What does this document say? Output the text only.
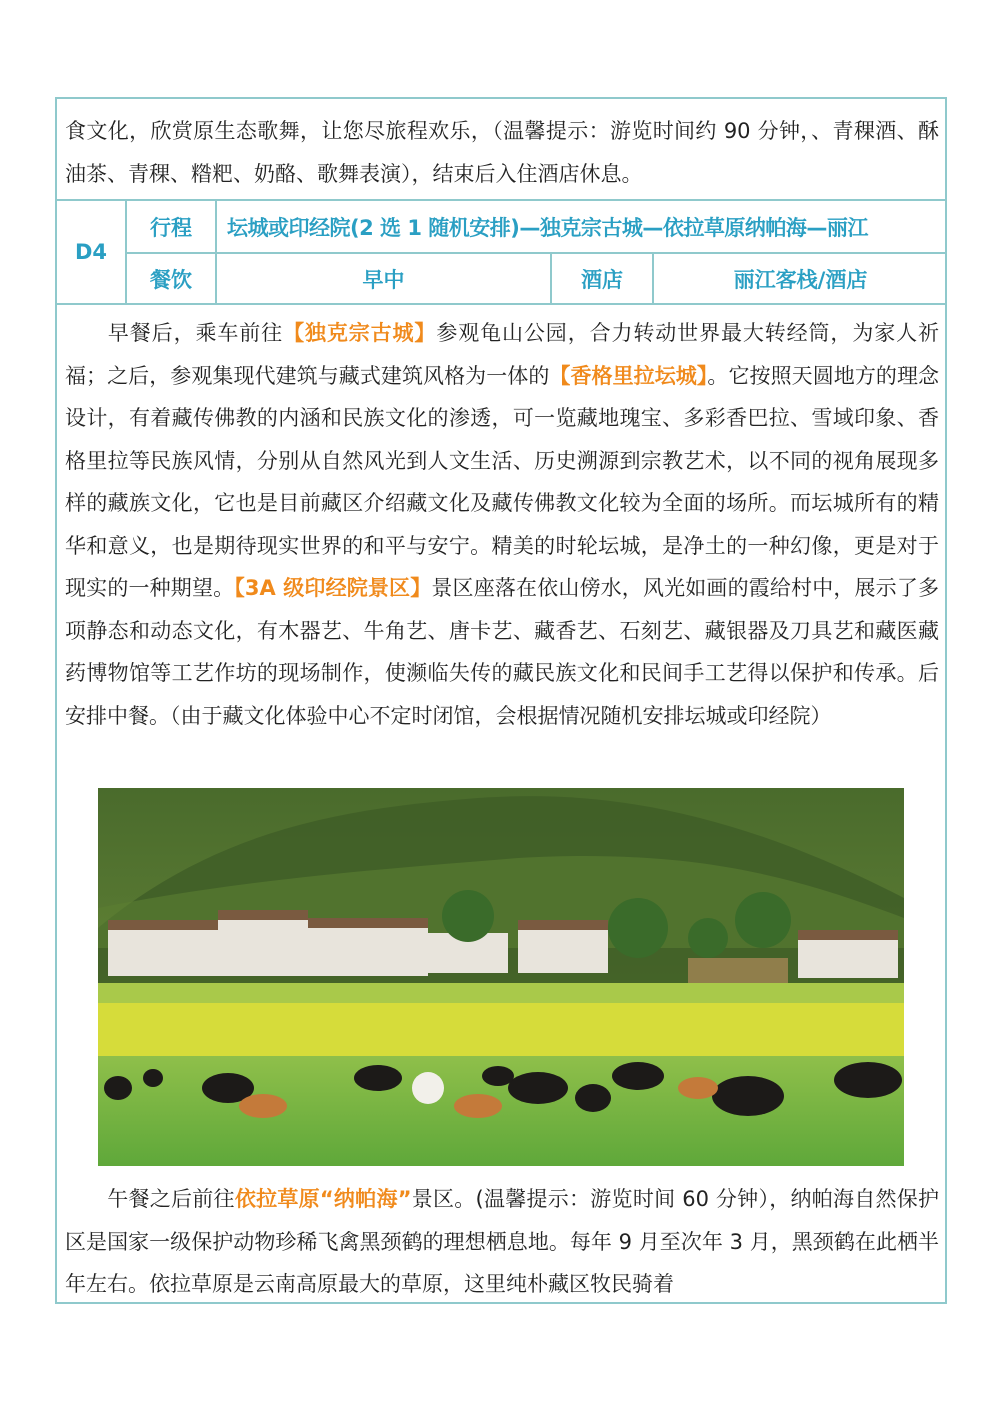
食文化，欣赏原生态歌舞，让您尽旅程欢乐，（温馨提示：游览时间约 90 分钟，、青稞酒、酥油茶、青稞、糌粑、奶酪、歌舞表演），结束后入住酒店休息。

D4
行程	坛城或印经院(2 选 1 随机安排)—独克宗古城—依拉草原纳帕海—丽江
餐饮	早中	酒店	丽江客栈/酒店

早餐后，乘车前往【独克宗古城】参观龟山公园，合力转动世界最大转经筒，为家人祈福；之后，参观集现代建筑与藏式建筑风格为一体的【香格里拉坛城】。它按照天圆地方的理念设计，有着藏传佛教的内涵和民族文化的渗透，可一览藏地瑰宝、多彩香巴拉、雪域印象、香格里拉等民族风情，分别从自然风光到人文生活、历史溯源到宗教艺术，以不同的视角展现多样的藏族文化，它也是目前藏区介绍藏文化及藏传佛教文化较为全面的场所。而坛城所有的精华和意义，也是期待现实世界的和平与安宁。精美的时轮坛城，是净土的一种幻像，更是对于现实的一种期望。【3A 级印经院景区】景区座落在依山傍水，风光如画的霞给村中，展示了多项静态和动态文化，有木器艺、牛角艺、唐卡艺、藏香艺、石刻艺、藏银器及刀具艺和藏医藏药博物馆等工艺作坊的现场制作，使濒临失传的藏民族文化和民间手工艺得以保护和传承。后安排中餐。（由于藏文化体验中心不定时闭馆，会根据情况随机安排坛城或印经院）

午餐之后前往依拉草原“纳帕海”景区。(温馨提示：游览时间 60 分钟），纳帕海自然保护区是国家一级保护动物珍稀飞禽黑颈鹤的理想栖息地。每年 9 月至次年 3 月，黑颈鹤在此栖半年左右。依拉草原是云南高原最大的草原，这里纯朴藏区牧民骑着
